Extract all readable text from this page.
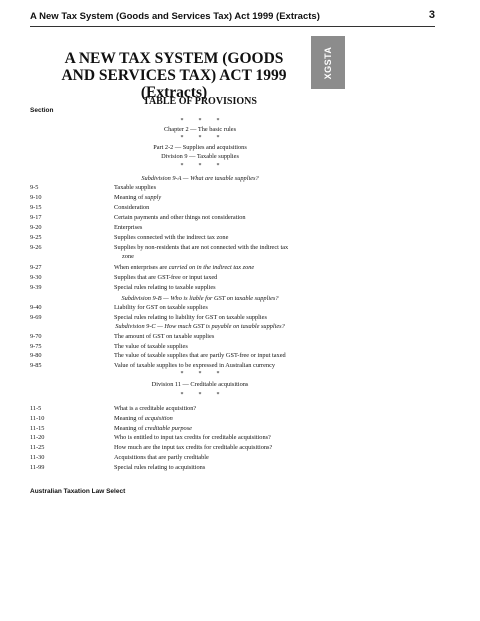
A New Tax System (Goods and Services Tax) Act 1999 (Extracts)	3
XGSTA
A NEW TAX SYSTEM (GOODS AND SERVICES TAX) ACT 1999 (Extracts)
TABLE OF PROVISIONS
Section
*          *          *
Chapter 2 — The basic rules
*          *          *
Part 2-2 — Supplies and acquisitions
Division 9 — Taxable supplies
*          *          *
Subdivision 9-A — What are taxable supplies?
9-5	Taxable supplies
9-10	Meaning of supply
9-15	Consideration
9-17	Certain payments and other things not consideration
9-20	Enterprises
9-25	Supplies connected with the indirect tax zone
9-26	Supplies by non-residents that are not connected with the indirect tax
zone
9-27	When enterprises are carried on in the indirect tax zone
9-30	Supplies that are GST-free or input taxed
9-39	Special rules relating to taxable supplies
Subdivision 9-B — Who is liable for GST on taxable supplies?
9-40	Liability for GST on taxable supplies
9-69	Special rules relating to liability for GST on taxable supplies
Subdivision 9-C — How much GST is payable on taxable supplies?
9-70	The amount of GST on taxable supplies
9-75	The value of taxable supplies
9-80	The value of taxable supplies that are partly GST-free or input taxed
9-85	Value of taxable supplies to be expressed in Australian currency
*          *          *
Division 11 — Creditable acquisitions
*          *          *
11-5	What is a creditable acquisition?
11-10	Meaning of acquisition
11-15	Meaning of creditable purpose
11-20	Who is entitled to input tax credits for creditable acquisitions?
11-25	How much are the input tax credits for creditable acquisitions?
11-30	Acquisitions that are partly creditable
11-99	Special rules relating to acquisitions
Australian Taxation Law Select
